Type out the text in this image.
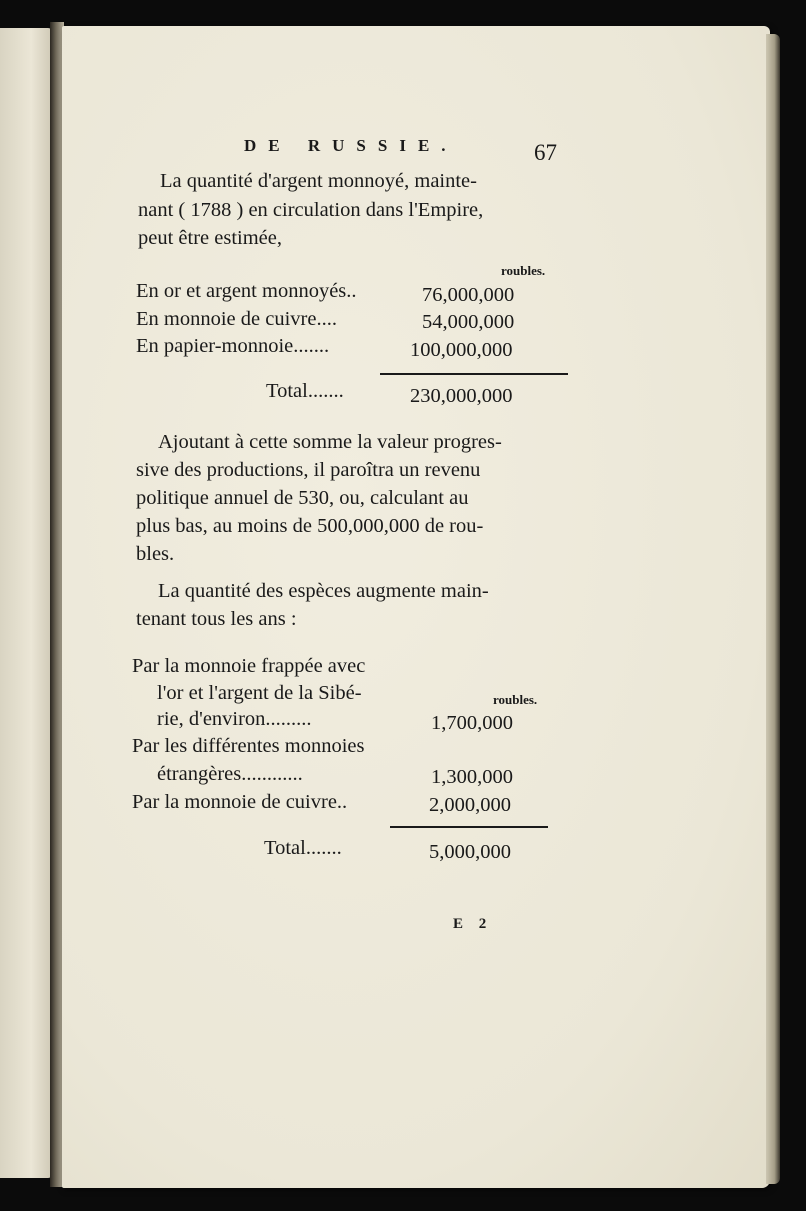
DE RUSSIE.	67

La quantité d'argent monnoyé, mainte-

nant ( 1788 ) en circulation dans l'Empire,

peut être estimée,

roubles.

En or et argent monnoyés..	76,000,000

En monnoie de cuivre....	54,000,000

En papier-monnoie.......	100,000,000

Total.......	230,000,000

Ajoutant à cette somme la valeur progres-

sive des productions, il paroîtra un revenu

politique annuel de 530, ou, calculant au

plus bas, au moins de 500,000,000 de rou-

bles.

La quantité des espèces augmente main-

tenant tous les ans :

Par la monnoie frappée avec

l'or et l'argent de la Sibé-	roubles.

rie, d'environ.........	1,700,000

Par les différentes monnoies

étrangères............	1,300,000

Par la monnoie de cuivre..	2,000,000

Total.......	5,000,000

E 2
